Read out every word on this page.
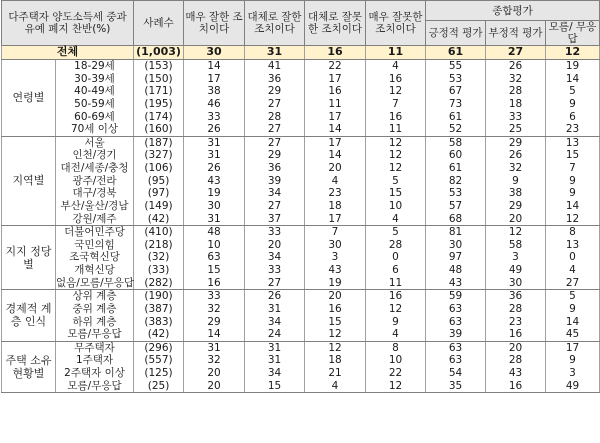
다주택자 양도소득세 중과 유예 폐지 찬반(%)		사례수	매우 잘한 조치이다	대체로 잘한 조치이다	대체로 잘못한 조치이다	매우 잘못한 조치이다	종합평가		
							긍정적 평가	부정적 평가	모름/ 무응답
전체		(1,003)	30	31	16	11	61	27	12
연령별	18-29세	(153)	14	41	22	4	55	26	19
	30-39세	(150)	17	36	17	16	53	32	14
	40-49세	(171)	38	29	16	12	67	28	5
	50-59세	(195)	46	27	11	7	73	18	9
	60-69세	(174)	33	28	17	16	61	33	6
	70세 이상	(160)	26	27	14	11	52	25	23
지역별	서울	(187)	31	27	17	12	58	29	13
	인천/경기	(327)	31	29	14	12	60	26	15
	대전/세종/충청	(106)	26	36	20	12	61	32	7
	광주/전라	(95)	43	39	4	5	82	9	9
	대구/경북	(97)	19	34	23	15	53	38	9
	부산/울산/경남	(149)	30	27	18	10	57	29	14
	강원/제주	(42)	31	37	17	4	68	20	12
지지 정당별	더불어민주당	(410)	48	33	7	5	81	12	8
	국민의힘	(218)	10	20	30	28	30	58	13
	조국혁신당	(32)	63	34	3	0	97	3	0
	개혁신당	(33)	15	33	43	6	48	49	4
	없음/모름/무응답	(282)	16	27	19	11	43	30	27
경제적 계층 인식	상위 계층	(190)	33	26	20	16	59	36	5
	중위 계층	(387)	32	31	16	12	63	28	9
	하위 계층	(383)	29	34	15	9	63	23	14
	모름/무응답	(42)	14	24	12	4	39	16	45
주택 소유 현황별	무주택자	(296)	31	31	12	8	63	20	17
	1주택자	(557)	32	31	18	10	63	28	9
	2주택자 이상	(125)	20	34	21	22	54	43	3
	모름/무응답	(25)	20	15	4	12	35	16	49
